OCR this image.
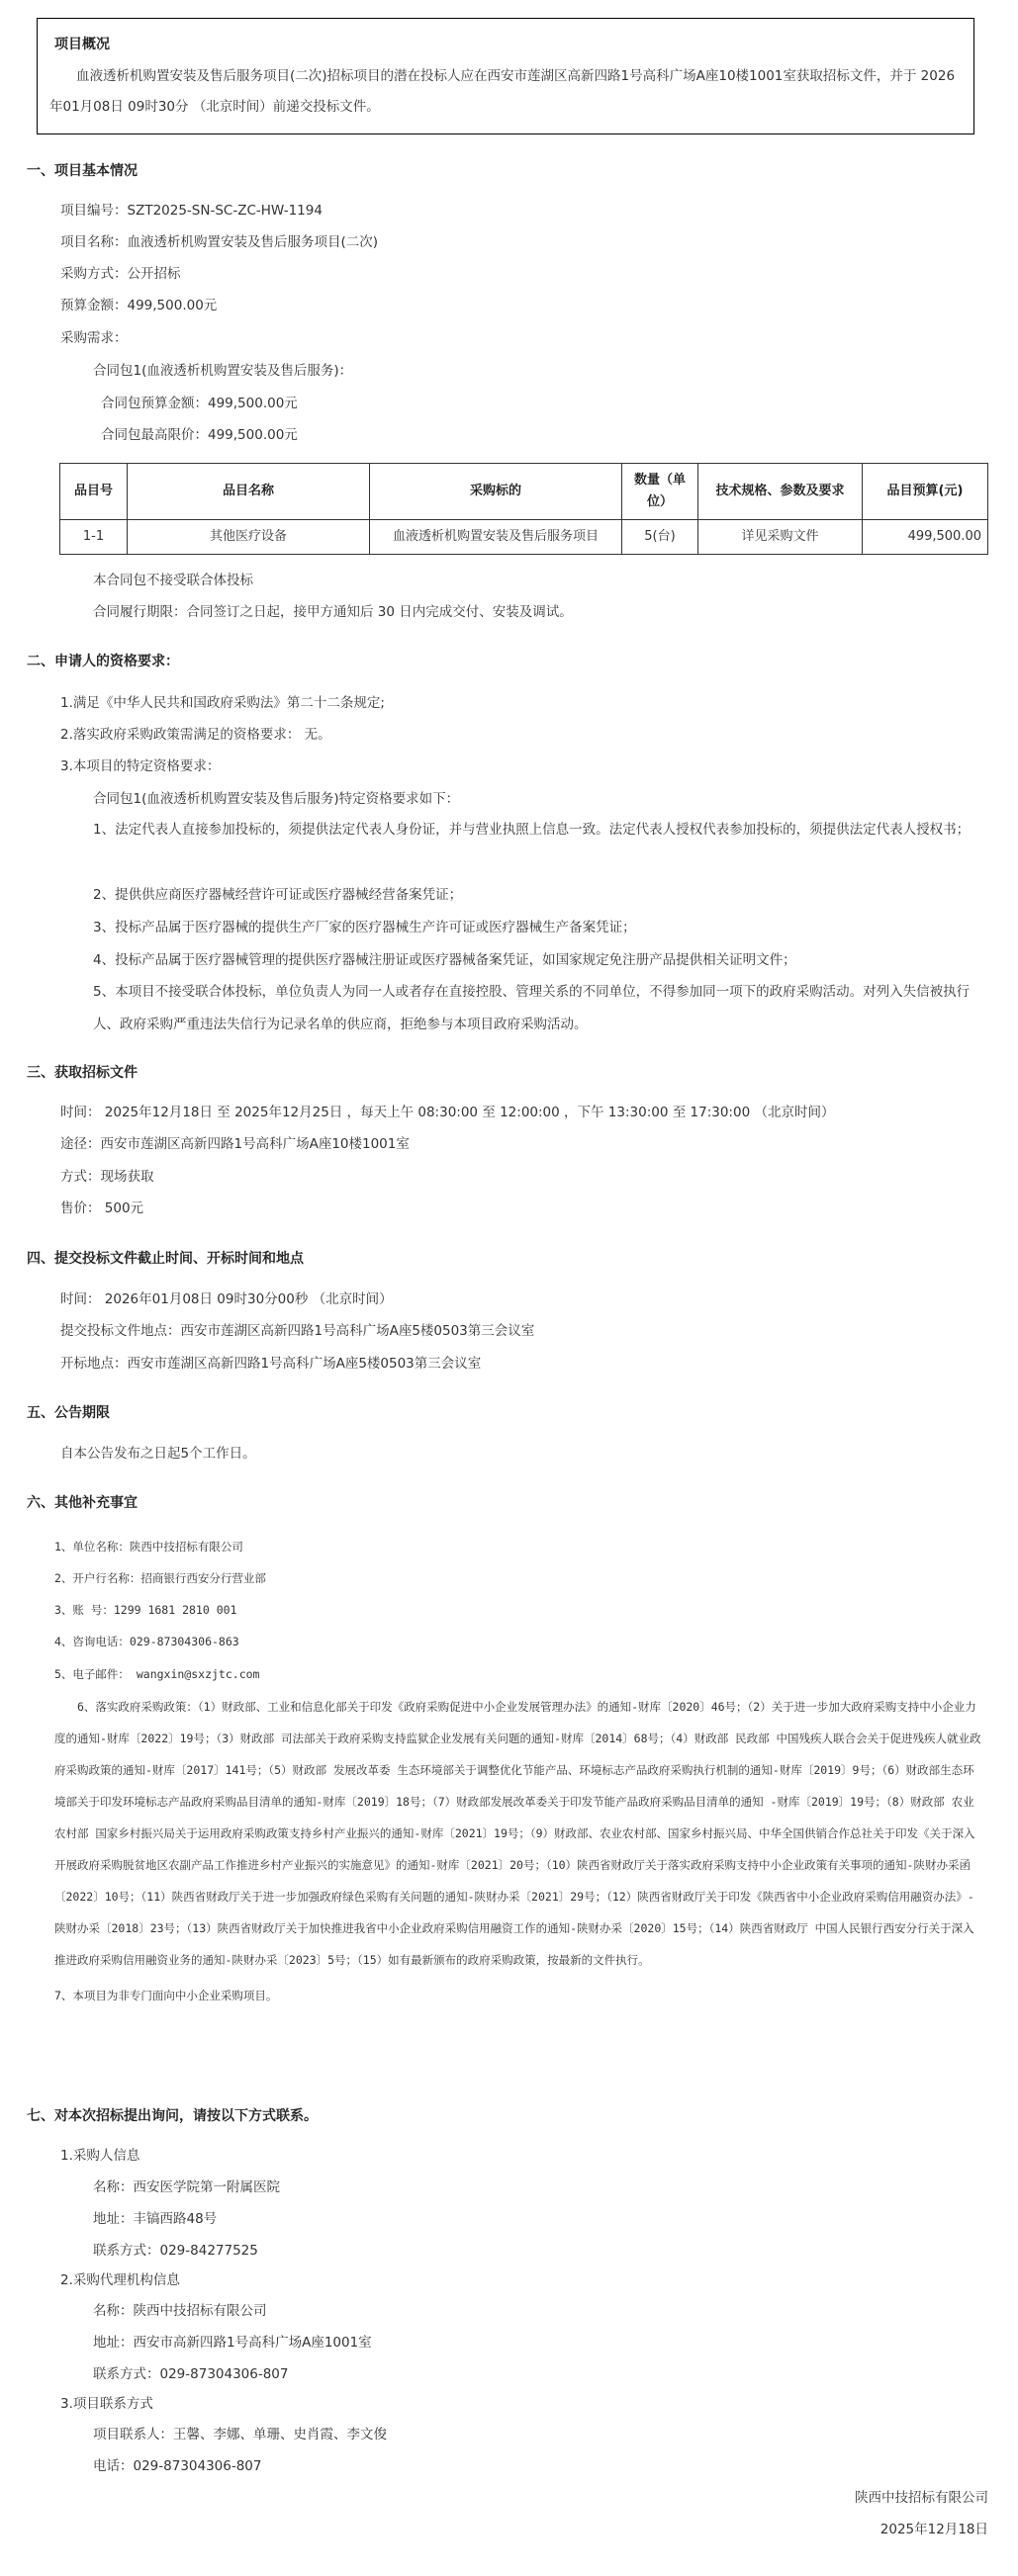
项目概况
血液透析机购置安装及售后服务项目(二次)招标项目的潜在投标人应在西安市莲湖区高新四路1号高科广场A座10楼1001室获取招标文件，并于 2026年01月08日 09时30分 （北京时间）前递交投标文件。
一、项目基本情况
项目编号：SZT2025-SN-SC-ZC-HW-1194
项目名称：血液透析机购置安装及售后服务项目(二次)
采购方式：公开招标
预算金额：499,500.00元
采购需求：
合同包1(血液透析机购置安装及售后服务)：
合同包预算金额：499,500.00元
合同包最高限价：499,500.00元
品目号	品目名称	采购标的	数量（单位）	技术规格、参数及要求	品目预算(元)
1-1	其他医疗设备	血液透析机购置安装及售后服务项目	5(台)	详见采购文件	499,500.00
本合同包不接受联合体投标
合同履行期限：合同签订之日起，接甲方通知后 30 日内完成交付、安装及调试。
二、申请人的资格要求：
1.满足《中华人民共和国政府采购法》第二十二条规定;
2.落实政府采购政策需满足的资格要求： 无。
3.本项目的特定资格要求：
合同包1(血液透析机购置安装及售后服务)特定资格要求如下：
1、法定代表人直接参加投标的，须提供法定代表人身份证，并与营业执照上信息一致。法定代表人授权代表参加投标的，须提供法定代表人授权书；
2、提供供应商医疗器械经营许可证或医疗器械经营备案凭证；
3、投标产品属于医疗器械的提供生产厂家的医疗器械生产许可证或医疗器械生产备案凭证；
4、投标产品属于医疗器械管理的提供医疗器械注册证或医疗器械备案凭证，如国家规定免注册产品提供相关证明文件；
5、本项目不接受联合体投标，单位负责人为同一人或者存在直接控股、管理关系的不同单位，不得参加同一项下的政府采购活动。对列入失信被执行人、政府采购严重违法失信行为记录名单的供应商，拒绝参与本项目政府采购活动。
三、获取招标文件
时间： 2025年12月18日 至 2025年12月25日 ，每天上午 08:30:00 至 12:00:00 ，下午 13:30:00 至 17:30:00 （北京时间）
途径：西安市莲湖区高新四路1号高科广场A座10楼1001室
方式：现场获取
售价： 500元
四、提交投标文件截止时间、开标时间和地点
时间： 2026年01月08日 09时30分00秒 （北京时间）
提交投标文件地点：西安市莲湖区高新四路1号高科广场A座5楼0503第三会议室
开标地点：西安市莲湖区高新四路1号高科广场A座5楼0503第三会议室
五、公告期限
自本公告发布之日起5个工作日。
六、其他补充事宜
1、单位名称：陕西中技招标有限公司
2、开户行名称：招商银行西安分行营业部
3、账 号：1299 1681 2810 001
4、咨询电话：029-87304306-863
5、电子邮件： wangxin@sxzjtc.com
6、落实政府采购政策：（1）财政部、工业和信息化部关于印发《政府采购促进中小企业发展管理办法》的通知-财库〔2020〕46号；（2）关于进一步加大政府采购支持中小企业力度的通知-财库〔2022〕19号；（3）财政部 司法部关于政府采购支持监狱企业发展有关问题的通知-财库〔2014〕68号；（4）财政部 民政部 中国残疾人联合会关于促进残疾人就业政府采购政策的通知-财库〔2017〕141号；（5）财政部 发展改革委 生态环境部关于调整优化节能产品、环境标志产品政府采购执行机制的通知-财库〔2019〕9号；（6）财政部生态环境部关于印发环境标志产品政府采购品目清单的通知-财库〔2019〕18号；（7）财政部发展改革委关于印发节能产品政府采购品目清单的通知 -财库〔2019〕19号；（8）财政部 农业农村部 国家乡村振兴局关于运用政府采购政策支持乡村产业振兴的通知-财库〔2021〕19号；（9）财政部、农业农村部、国家乡村振兴局、中华全国供销合作总社关于印发《关于深入开展政府采购脱贫地区农副产品工作推进乡村产业振兴的实施意见》的通知-财库〔2021〕20号；（10）陕西省财政厅关于落实政府采购支持中小企业政策有关事项的通知-陕财办采函〔2022〕10号；（11）陕西省财政厅关于进一步加强政府绿色采购有关问题的通知-陕财办采〔2021〕29号；（12）陕西省财政厅关于印发《陕西省中小企业政府采购信用融资办法》-陕财办采〔2018〕23号；（13）陕西省财政厅关于加快推进我省中小企业政府采购信用融资工作的通知-陕财办采〔2020〕15号；（14）陕西省财政厅 中国人民银行西安分行关于深入推进政府采购信用融资业务的通知-陕财办采〔2023〕5号；（15）如有最新颁布的政府采购政策，按最新的文件执行。
7、本项目为非专门面向中小企业采购项目。
七、对本次招标提出询问，请按以下方式联系。
1.采购人信息
名称：西安医学院第一附属医院
地址：丰镐西路48号
联系方式：029-84277525
2.采购代理机构信息
名称：陕西中技招标有限公司
地址：西安市高新四路1号高科广场A座1001室
联系方式：029-87304306-807
3.项目联系方式
项目联系人：王馨、李娜、单珊、史肖霞、李文俊
电话：029-87304306-807
陕西中技招标有限公司
2025年12月18日
